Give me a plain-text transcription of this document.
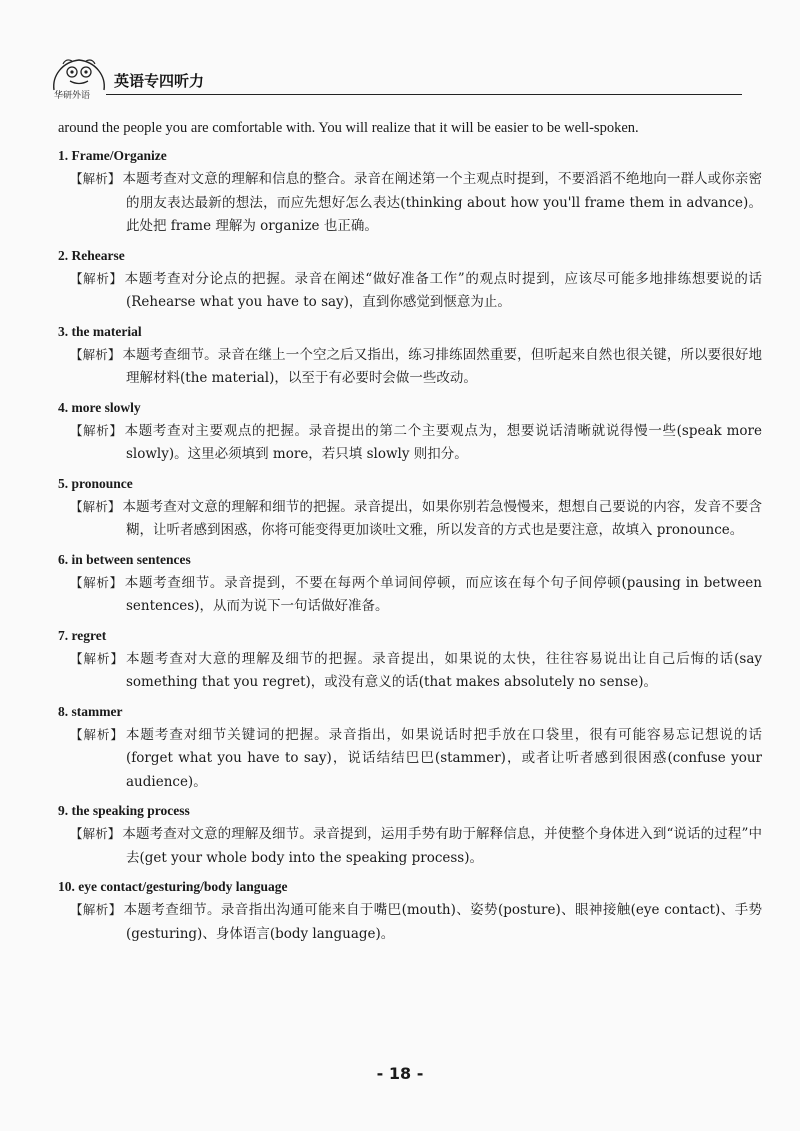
华研外语
英语专四听力
around the people you are comfortable with. You will realize that it will be easier to be well-spoken.
1. Frame/Organize
【解析】 本题考查对文意的理解和信息的整合。录音在阐述第一个主观点时提到，不要滔滔不绝地向一群人或你亲密的朋友表达最新的想法，而应先想好怎么表达(thinking about how you'll frame them in advance)。此处把 frame 理解为 organize 也正确。
2. Rehearse
【解析】 本题考查对分论点的把握。录音在阐述“做好准备工作”的观点时提到，应该尽可能多地排练想要说的话(Rehearse what you have to say)，直到你感觉到惬意为止。
3. the material
【解析】 本题考查细节。录音在继上一个空之后又指出，练习排练固然重要，但听起来自然也很关键，所以要很好地理解材料(the material)，以至于有必要时会做一些改动。
4. more slowly
【解析】 本题考查对主要观点的把握。录音提出的第二个主要观点为，想要说话清晰就说得慢一些(speak more slowly)。这里必须填到 more，若只填 slowly 则扣分。
5. pronounce
【解析】 本题考查对文意的理解和细节的把握。录音提出，如果你别若急慢慢来，想想自己要说的内容，发音不要含糊，让听者感到困惑，你将可能变得更加谈吐文雅，所以发音的方式也是要注意，故填入 pronounce。
6. in between sentences
【解析】 本题考查细节。录音提到，不要在每两个单词间停顿，而应该在每个句子间停顿(pausing in between sentences)，从而为说下一句话做好准备。
7. regret
【解析】 本题考查对大意的理解及细节的把握。录音提出，如果说的太快，往往容易说出让自己后悔的话(say something that you regret)，或没有意义的话(that makes absolutely no sense)。
8. stammer
【解析】 本题考查对细节关键词的把握。录音指出，如果说话时把手放在口袋里，很有可能容易忘记想说的话(forget what you have to say)，说话结结巴巴(stammer)，或者让听者感到很困惑(confuse your audience)。
9. the speaking process
【解析】 本题考查对文意的理解及细节。录音提到，运用手势有助于解释信息，并使整个身体进入到“说话的过程”中去(get your whole body into the speaking process)。
10. eye contact/gesturing/body language
【解析】 本题考查细节。录音指出沟通可能来自于嘴巴(mouth)、姿势(posture)、眼神接触(eye contact)、手势(gesturing)、身体语言(body language)。
- 18 -
